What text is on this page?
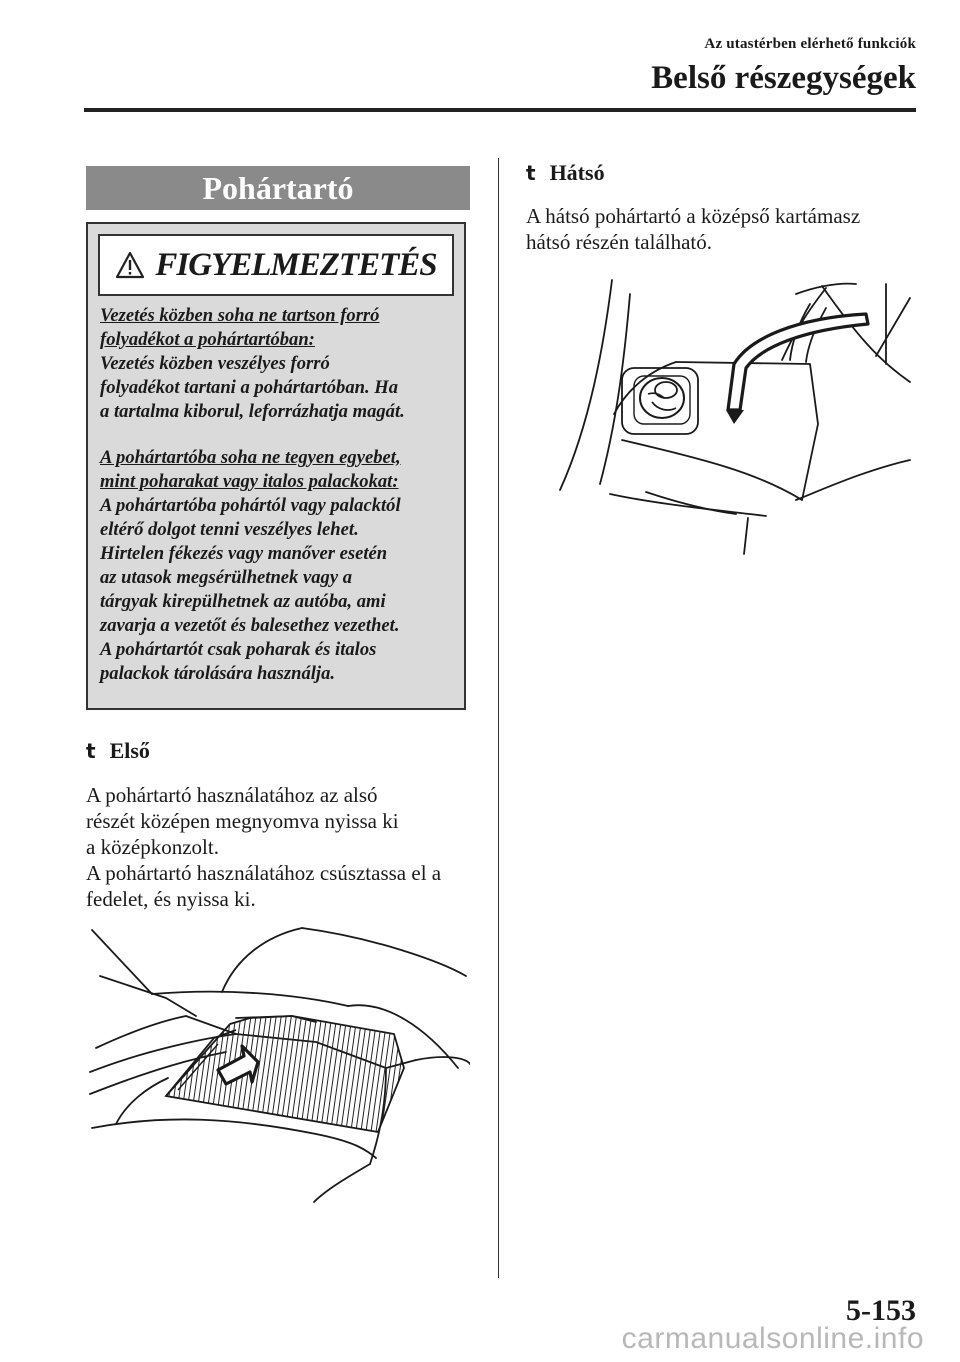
Az utastérben elérhető funkciók
Belső részegységek
Pohártartó
FIGYELMEZTETÉS
Vezetés közben soha ne tartson forró
folyadékot a pohártartóban:
Vezetés közben veszélyes forró
folyadékot tartani a pohártartóban. Ha
a tartalma kiborul, leforrázhatja magát.
A pohártartóba soha ne tegyen egyebet,
mint poharakat vagy italos palackokat:
A pohártartóba pohártól vagy palacktól
eltérő dolgot tenni veszélyes lehet.
Hirtelen fékezés vagy manőver esetén
az utasok megsérülhetnek vagy a
tárgyak kirepülhetnek az autóba, ami
zavarja a vezetőt és balesethez vezethet.
A pohártartót csak poharak és italos
palackok tárolására használja.
t Első
A pohártartó használatához az alsó
részét középen megnyomva nyissa ki
a középkonzolt.
A pohártartó használatához csúsztassa el a
fedelet, és nyissa ki.
t Hátsó
A hátsó pohártartó a középső kartámasz
hátsó részén található.
5-153
carmanualsonline.info
